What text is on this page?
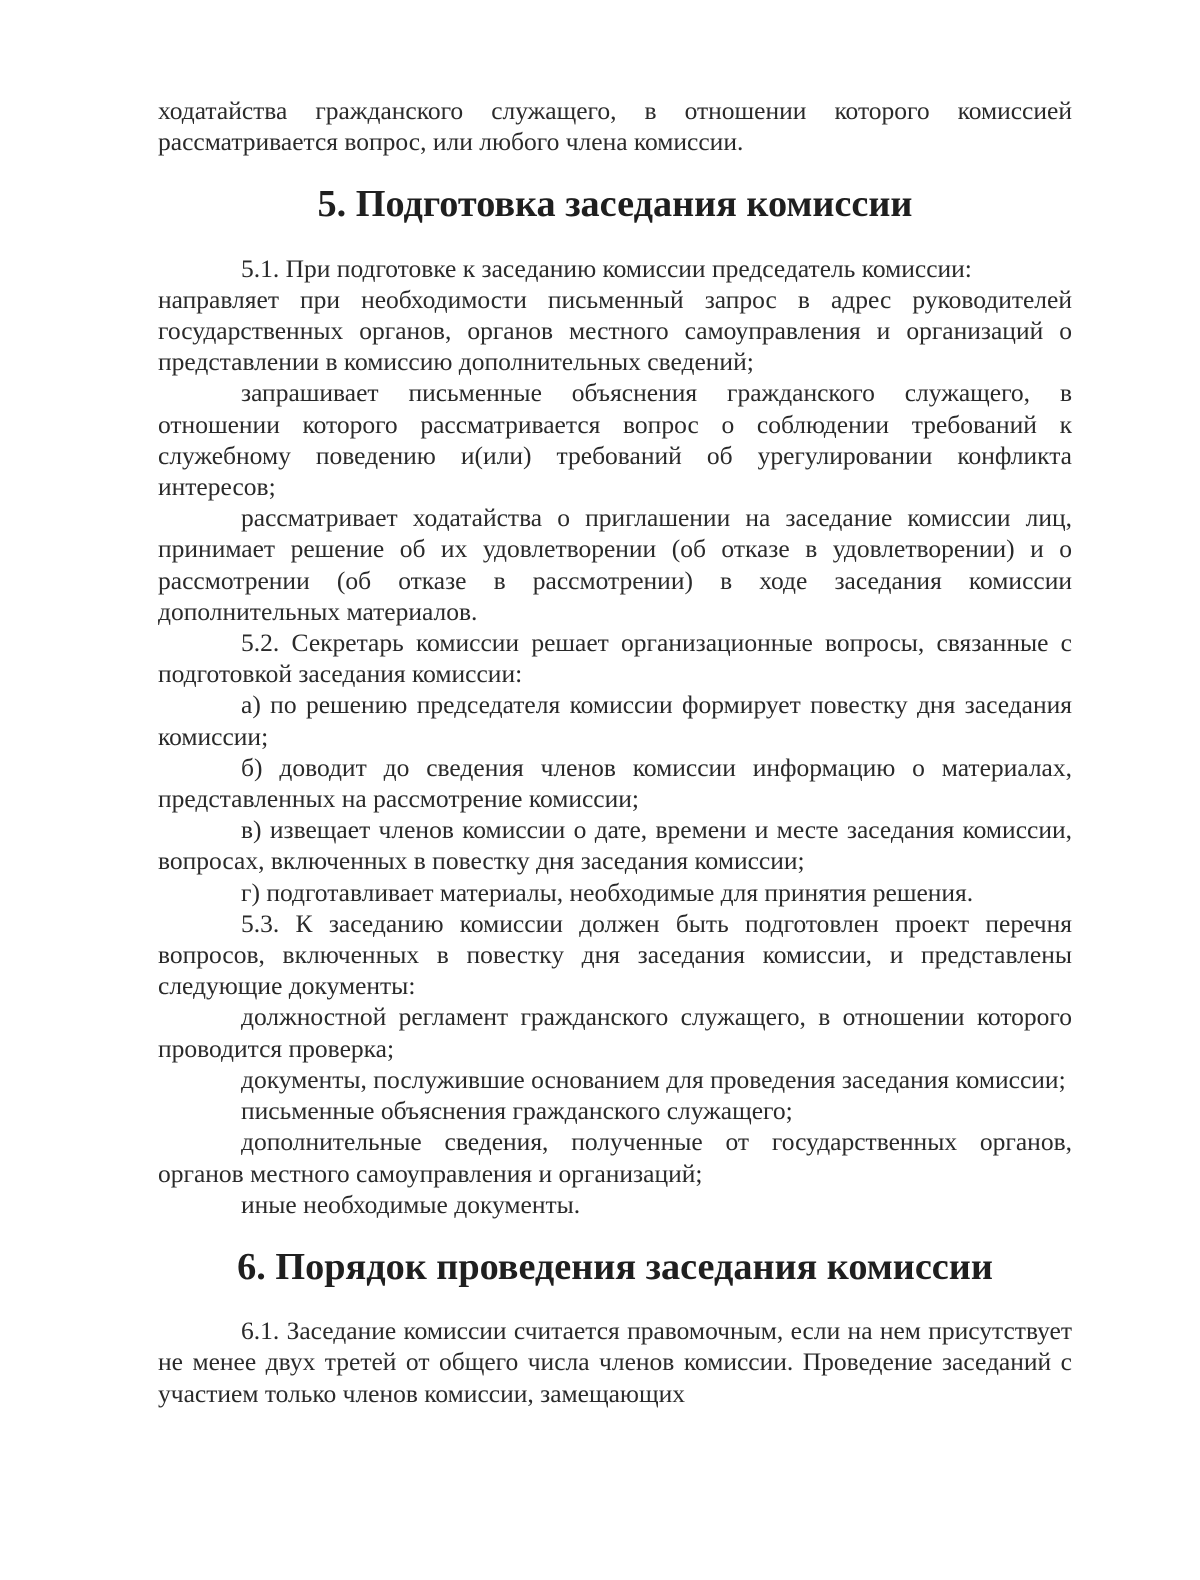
ходатайства гражданского служащего, в отношении которого комиссией рассматривается вопрос, или любого члена комиссии.

5. Подготовка заседания комиссии

5.1. При подготовке к заседанию комиссии председатель комиссии:

направляет при необходимости письменный запрос в адрес руководителей государственных органов, органов местного самоуправления и организаций о представлении в комиссию дополнительных сведений;

запрашивает письменные объяснения гражданского служащего, в отношении которого рассматривается вопрос о соблюдении требований к служебному поведению и(или) требований об урегулировании конфликта интересов;

рассматривает ходатайства о приглашении на заседание комиссии лиц, принимает решение об их удовлетворении (об отказе в удовлетворении) и о рассмотрении (об отказе в рассмотрении) в ходе заседания комиссии дополнительных материалов.

5.2. Секретарь комиссии решает организационные вопросы, связанные с подготовкой заседания комиссии:

а) по решению председателя комиссии формирует повестку дня заседания комиссии;

б) доводит до сведения членов комиссии информацию о материалах, представленных на рассмотрение комиссии;

в) извещает членов комиссии о дате, времени и месте заседания комиссии, вопросах, включенных в повестку дня заседания комиссии;

г) подготавливает материалы, необходимые для принятия решения.

5.3. К заседанию комиссии должен быть подготовлен проект перечня вопросов, включенных в повестку дня заседания комиссии, и представлены следующие документы:

должностной регламент гражданского служащего, в отношении которого проводится проверка;

документы, послужившие основанием для проведения заседания комиссии;

письменные объяснения гражданского служащего;

дополнительные сведения, полученные от государственных органов, органов местного самоуправления и организаций;

иные необходимые документы.

6. Порядок проведения заседания комиссии

6.1. Заседание комиссии считается правомочным, если на нем присутствует не менее двух третей от общего числа членов комиссии. Проведение заседаний с участием только членов комиссии, замещающих
